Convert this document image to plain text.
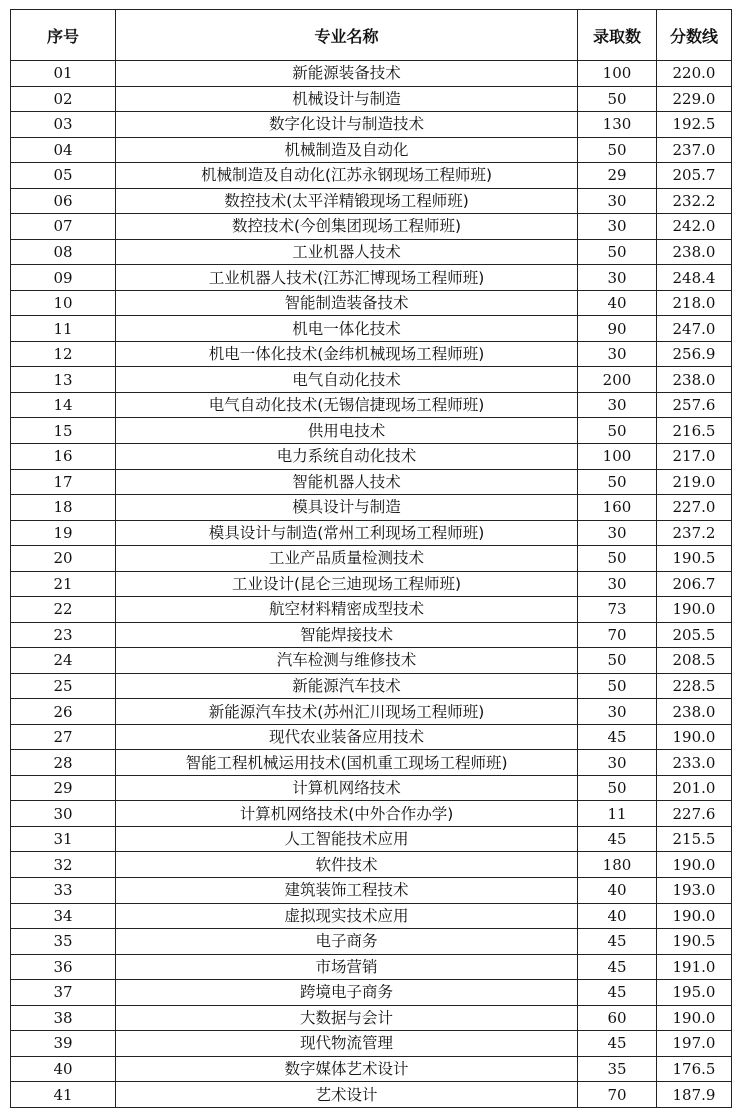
序号	专业名称	录取数	分数线
01	新能源装备技术	100	220.0
02	机械设计与制造	50	229.0
03	数字化设计与制造技术	130	192.5
04	机械制造及自动化	50	237.0
05	机械制造及自动化(江苏永钢现场工程师班)	29	205.7
06	数控技术(太平洋精锻现场工程师班)	30	232.2
07	数控技术(今创集团现场工程师班)	30	242.0
08	工业机器人技术	50	238.0
09	工业机器人技术(江苏汇博现场工程师班)	30	248.4
10	智能制造装备技术	40	218.0
11	机电一体化技术	90	247.0
12	机电一体化技术(金纬机械现场工程师班)	30	256.9
13	电气自动化技术	200	238.0
14	电气自动化技术(无锡信捷现场工程师班)	30	257.6
15	供用电技术	50	216.5
16	电力系统自动化技术	100	217.0
17	智能机器人技术	50	219.0
18	模具设计与制造	160	227.0
19	模具设计与制造(常州工利现场工程师班)	30	237.2
20	工业产品质量检测技术	50	190.5
21	工业设计(昆仑三迪现场工程师班)	30	206.7
22	航空材料精密成型技术	73	190.0
23	智能焊接技术	70	205.5
24	汽车检测与维修技术	50	208.5
25	新能源汽车技术	50	228.5
26	新能源汽车技术(苏州汇川现场工程师班)	30	238.0
27	现代农业装备应用技术	45	190.0
28	智能工程机械运用技术(国机重工现场工程师班)	30	233.0
29	计算机网络技术	50	201.0
30	计算机网络技术(中外合作办学)	11	227.6
31	人工智能技术应用	45	215.5
32	软件技术	180	190.0
33	建筑装饰工程技术	40	193.0
34	虚拟现实技术应用	40	190.0
35	电子商务	45	190.5
36	市场营销	45	191.0
37	跨境电子商务	45	195.0
38	大数据与会计	60	190.0
39	现代物流管理	45	197.0
40	数字媒体艺术设计	35	176.5
41	艺术设计	70	187.9
